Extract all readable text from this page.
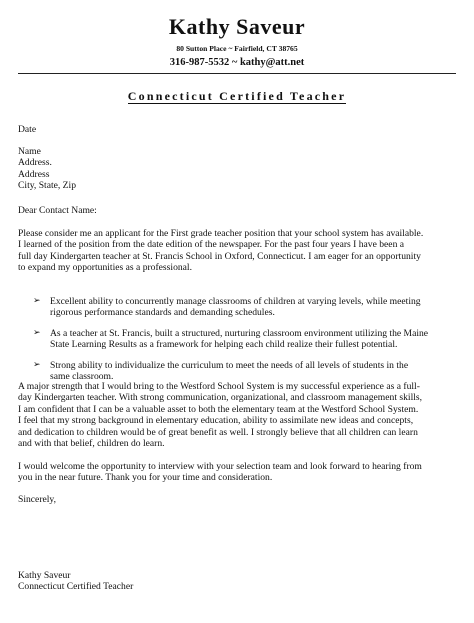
Kathy Saveur
80 Sutton Place ~ Fairfield, CT 38765
316-987-5532 ~ kathy@att.net
Connecticut Certified Teacher
Date
Name
Address.
Address
City, State, Zip
Dear Contact Name:
Please consider me an applicant for the First grade teacher position that your school system has available.
I learned of the position from the date edition of the newspaper. For the past four years I have been a
full day Kindergarten teacher at St. Francis School in Oxford, Connecticut. I am eager for an opportunity
to expand my opportunities as a professional.
➢ Excellent ability to concurrently manage classrooms of children at varying levels, while meeting
rigorous performance standards and demanding schedules.
➢ As a teacher at St. Francis, built a structured, nurturing classroom environment utilizing the Maine
State Learning Results as a framework for helping each child realize their fullest potential.
➢ Strong ability to individualize the curriculum to meet the needs of all levels of students in the
same classroom.
A major strength that I would bring to the Westford School System is my successful experience as a full-
day Kindergarten teacher. With strong communication, organizational, and classroom management skills,
I am confident that I can be a valuable asset to both the elementary team at the Westford School System.
I feel that my strong background in elementary education, ability to assimilate new ideas and concepts,
and dedication to children would be of great benefit as well. I strongly believe that all children can learn
and with that belief, children do learn.
I would welcome the opportunity to interview with your selection team and look forward to hearing from
you in the near future. Thank you for your time and consideration.
Sincerely,
Kathy Saveur
Connecticut Certified Teacher
